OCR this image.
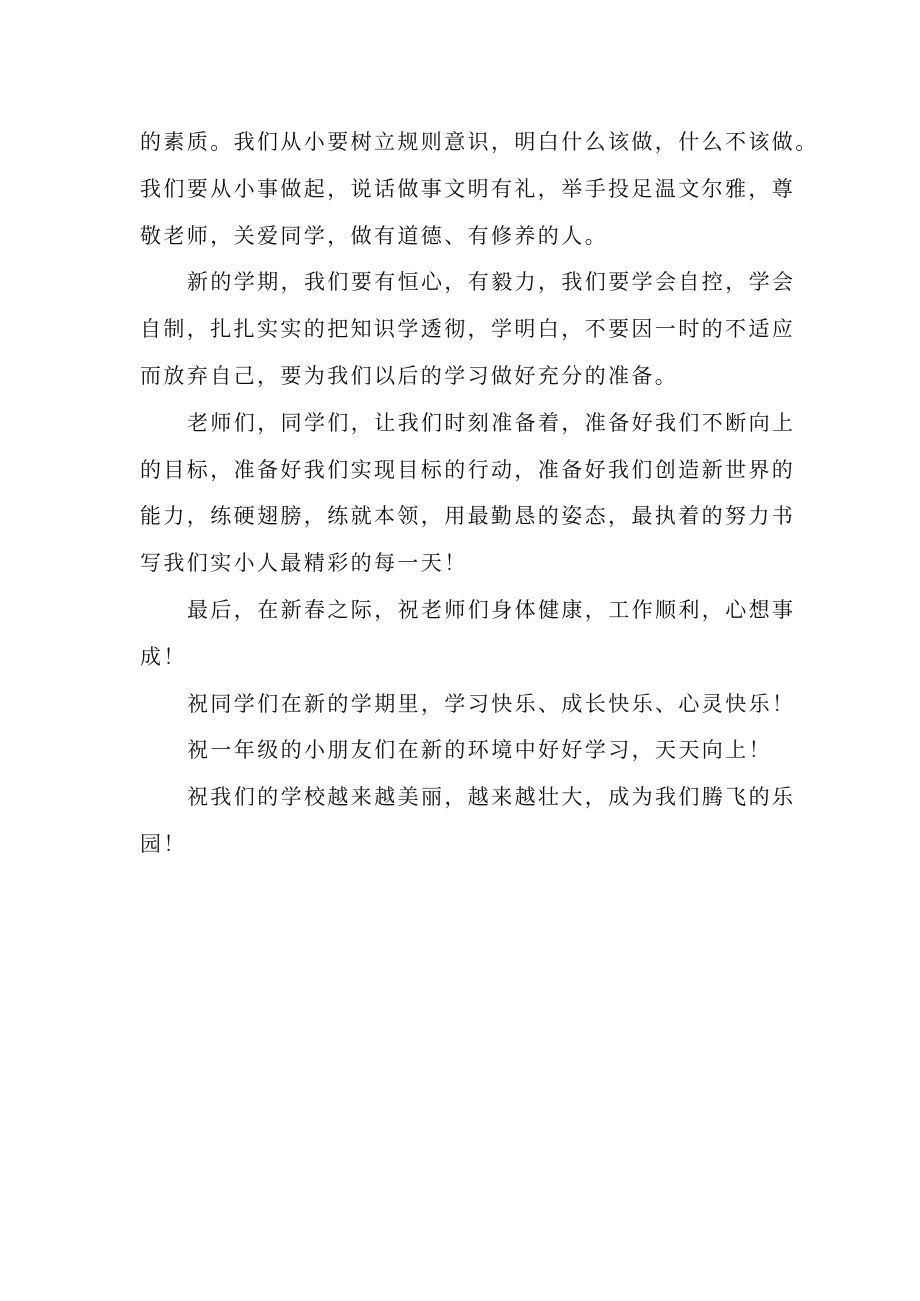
的素质。我们从小要树立规则意识，明白什么该做，什么不该做。
我们要从小事做起，说话做事文明有礼，举手投足温文尔雅，尊
敬老师，关爱同学，做有道德、有修养的人。
新的学期，我们要有恒心，有毅力，我们要学会自控，学会
自制，扎扎实实的把知识学透彻，学明白，不要因一时的不适应
而放弃自己，要为我们以后的学习做好充分的准备。
老师们，同学们，让我们时刻准备着，准备好我们不断向上
的目标，准备好我们实现目标的行动，准备好我们创造新世界的
能力，练硬翅膀，练就本领，用最勤恳的姿态，最执着的努力书
写我们实小人最精彩的每一天！
最后，在新春之际，祝老师们身体健康，工作顺利，心想事
成！
祝同学们在新的学期里，学习快乐、成长快乐、心灵快乐！
祝一年级的小朋友们在新的环境中好好学习，天天向上！
祝我们的学校越来越美丽，越来越壮大，成为我们腾飞的乐
园！
